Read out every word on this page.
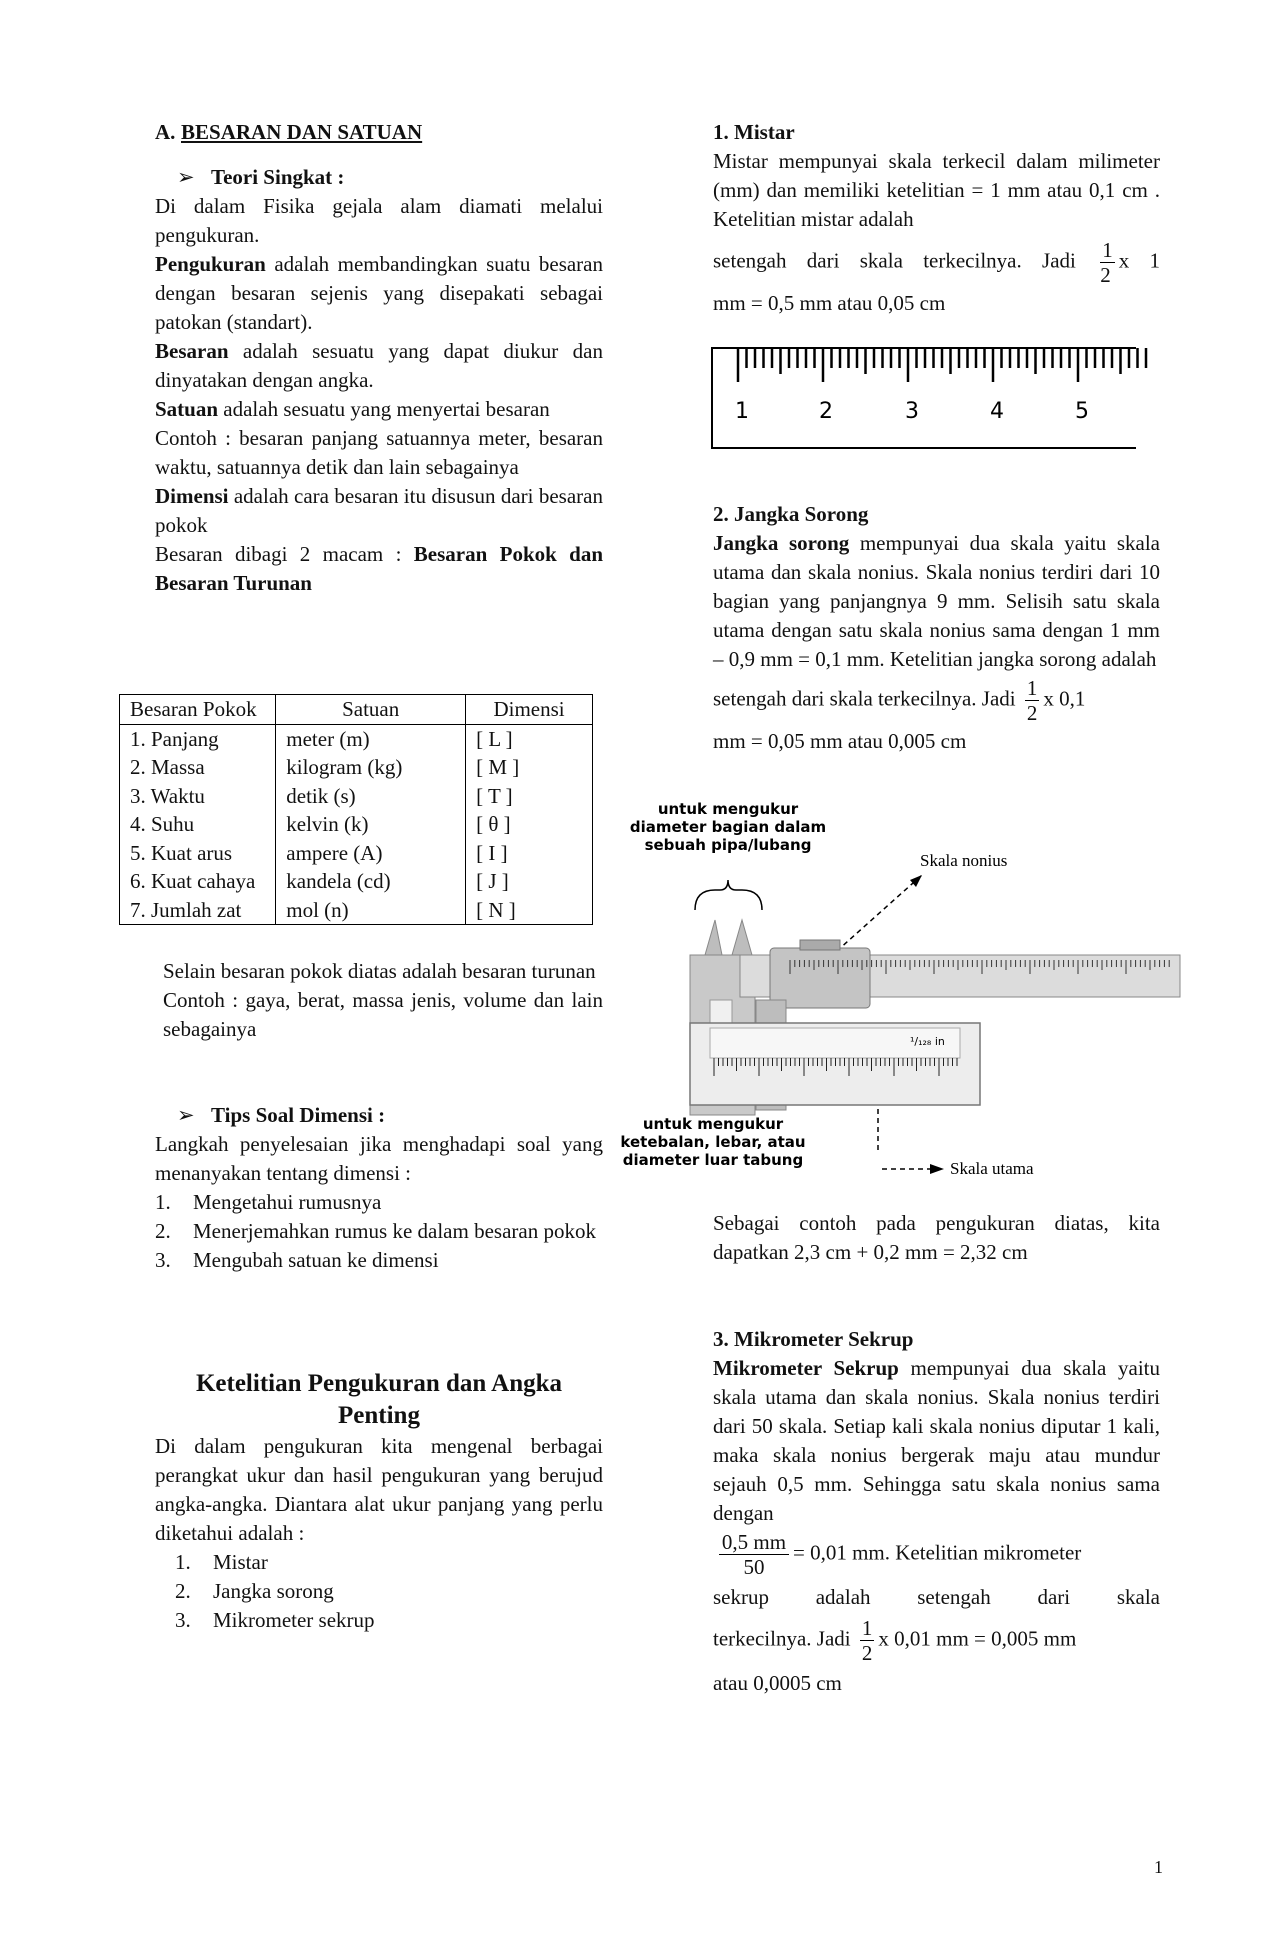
A. BESARAN DAN SATUAN
➢ Teori Singkat :

Di dalam Fisika gejala alam diamati melalui pengukuran.

Pengukuran adalah membandingkan suatu besaran dengan besaran sejenis yang disepakati sebagai patokan (standart).

Besaran adalah sesuatu yang dapat diukur dan dinyatakan dengan angka.

Satuan adalah sesuatu yang menyertai besaran

Contoh : besaran panjang satuannya meter, besaran waktu, satuannya detik dan lain sebagainya

Dimensi adalah cara besaran itu disusun dari besaran pokok

Besaran dibagi 2 macam : Besaran Pokok dan Besaran Turunan

Besaran Pokok	Satuan	Dimensi
1. Panjang	meter (m)	[ L ]
2. Massa	kilogram (kg)	[ M ]
3. Waktu	detik (s)	[ T ]
4. Suhu	kelvin (k)	[ θ ]
5. Kuat arus	ampere (A)	[ I ]
6. Kuat cahaya	kandela (cd)	[ J ]
7. Jumlah zat	mol (n)	[ N ]

Selain besaran pokok diatas adalah besaran turunan

Contoh : gaya, berat, massa jenis, volume dan lain sebagainya

➢ Tips Soal Dimensi :

Langkah penyelesaian jika menghadapi soal yang menanyakan tentang dimensi :

1. Mengetahui rumusnya
2. Menerjemahkan rumus ke dalam besaran pokok
3. Mengubah satuan ke dimensi
Ketelitian Pengukuran dan Angka Penting

Di dalam pengukuran kita mengenal berbagai perangkat ukur dan hasil pengukuran yang berujud angka-angka. Diantara alat ukur panjang yang perlu diketahui adalah :

1. Mistar
2. Jangka sorong
3. Mikrometer sekrup

1. Mistar

Mistar mempunyai skala terkecil dalam milimeter (mm) dan memiliki ketelitian = 1 mm atau 0,1 cm . Ketelitian mistar adalah

setengah dari skala terkecilnya. Jadi $\frac{1}{2}$ x 1

mm = 0,5 mm atau 0,05 cm

1	2	3	4	5

2. Jangka Sorong

Jangka sorong mempunyai dua skala yaitu skala utama dan skala nonius. Skala nonius terdiri dari 10 bagian yang panjangnya 9 mm. Selisih satu skala utama dengan satu skala nonius sama dengan 1 mm – 0,9 mm = 0,1 mm. Ketelitian jangka sorong adalah

setengah dari skala terkecilnya. Jadi $\frac{1}{2}$ x 0,1

mm = 0,05 mm atau 0,005 cm

untuk mengukur
diameter bagian dalam
sebuah pipa/lubang
untuk mengukur
ketebalan, lebar, atau
diameter luar tabung
Skala nonius
Skala utama
¹/₁₂₈ in

Sebagai contoh pada pengukuran diatas, kita dapatkan 2,3 cm + 0,2 mm = 2,32 cm

3. Mikrometer Sekrup

Mikrometer Sekrup mempunyai dua skala yaitu skala utama dan skala nonius. Skala nonius terdiri dari 50 skala. Setiap kali skala nonius diputar 1 kali, maka skala nonius bergerak maju atau mundur sejauh 0,5 mm. Sehingga satu skala nonius sama dengan

$\frac{0,5 mm}{50} = 0,01$ mm. Ketelitian mikrometer

sekrup adalah setengah dari skala

terkecilnya. Jadi $\frac{1}{2}$ x 0,01 mm = 0,005 mm

atau 0,0005 cm

1
